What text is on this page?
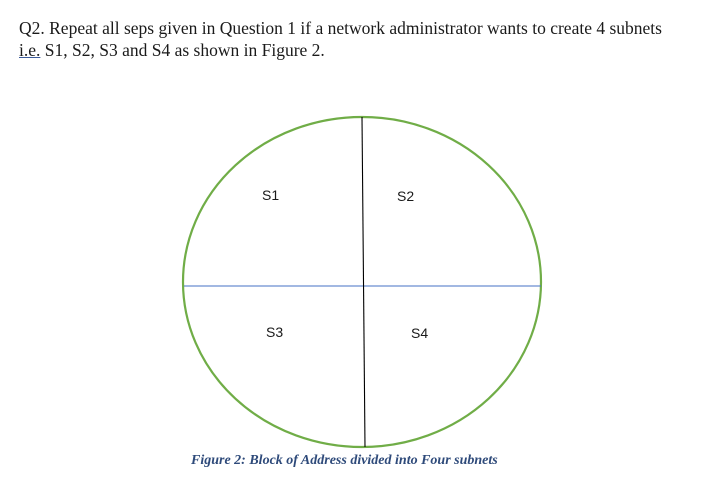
Q2. Repeat all seps given in Question 1 if a network administrator wants to create 4 subnets
i.e. S1, S2, S3 and S4 as shown in Figure 2.

S1	S2
S3	S4
Figure 2: Block of Address divided into Four subnets
